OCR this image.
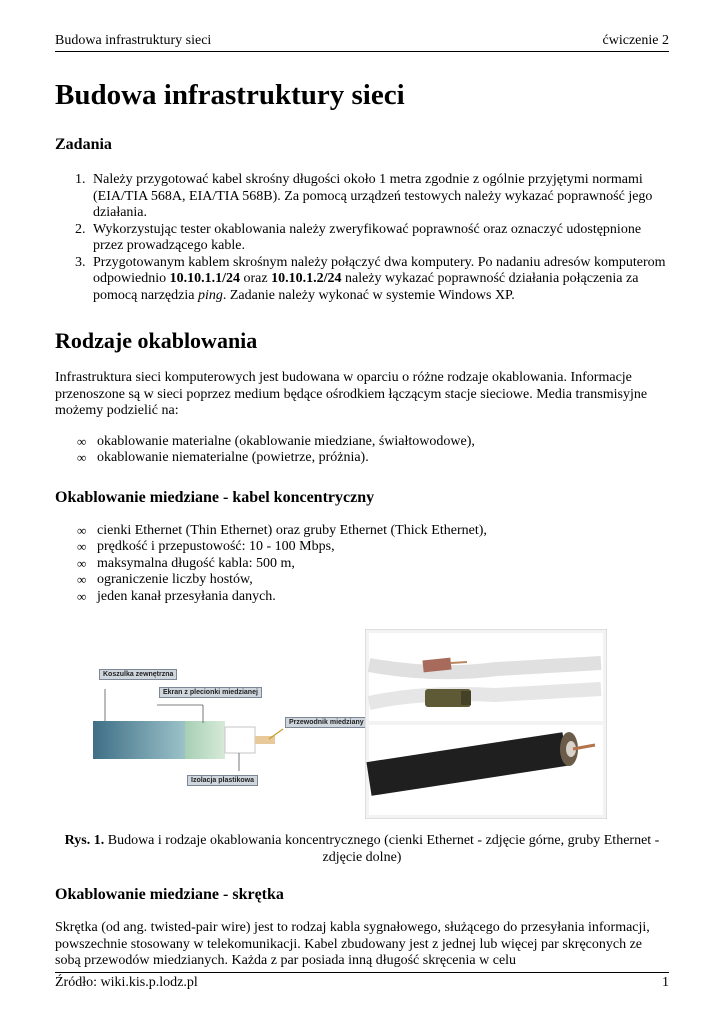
Budowa infrastruktury sieci	ćwiczenie 2
Budowa infrastruktury sieci
Zadania
1. Należy przygotować kabel skrośny długości około 1 metra zgodnie z ogólnie przyjętymi normami (EIA/TIA 568A, EIA/TIA 568B). Za pomocą urządzeń testowych należy wykazać poprawność jego działania.
2. Wykorzystując tester okablowania należy zweryfikować poprawność oraz oznaczyć udostępnione przez prowadzącego kable.
3. Przygotowanym kablem skrośnym należy połączyć dwa komputery. Po nadaniu adresów komputerom odpowiednio 10.10.1.1/24 oraz 10.10.1.2/24 należy wykazać poprawność działania połączenia za pomocą narzędzia ping. Zadanie należy wykonać w systemie Windows XP.
Rodzaje okablowania

Infrastruktura sieci komputerowych jest budowana w oparciu o różne rodzaje okablowania. Informacje przenoszone są w sieci poprzez medium będące ośrodkiem łączącym stacje sieciowe. Media transmisyjne możemy podzielić na:

∞ okablowanie materialne (okablowanie miedziane, świałtowodowe),
∞ okablowanie niematerialne (powietrze, próżnia).
Okablowanie miedziane - kabel koncentryczny
∞ cienki Ethernet (Thin Ethernet) oraz gruby Ethernet (Thick Ethernet),
∞ prędkość i przepustowość: 10 - 100 Mbps,
∞ maksymalna długość kabla: 500 m,
∞ ograniczenie liczby hostów,
∞ jeden kanał przesyłania danych.
Koszulka zewnętrzna
Ekran z plecionki miedzianej
Przewodnik miedziany
Izolacja plastikowa
Rys. 1. Budowa i rodzaje okablowania koncentrycznego (cienki Ethernet - zdjęcie górne, gruby Ethernet - zdjęcie dolne)
Okablowanie miedziane - skrętka

Skrętka (od ang. twisted-pair wire) jest to rodzaj kabla sygnałowego, służącego do przesyłania informacji, powszechnie stosowany w telekomunikacji. Kabel zbudowany jest z jednej lub więcej par skręconych ze sobą przewodów miedzianych. Każda z par posiada inną długość skręcenia w celu

Źródło: wiki.kis.p.lodz.pl	1
